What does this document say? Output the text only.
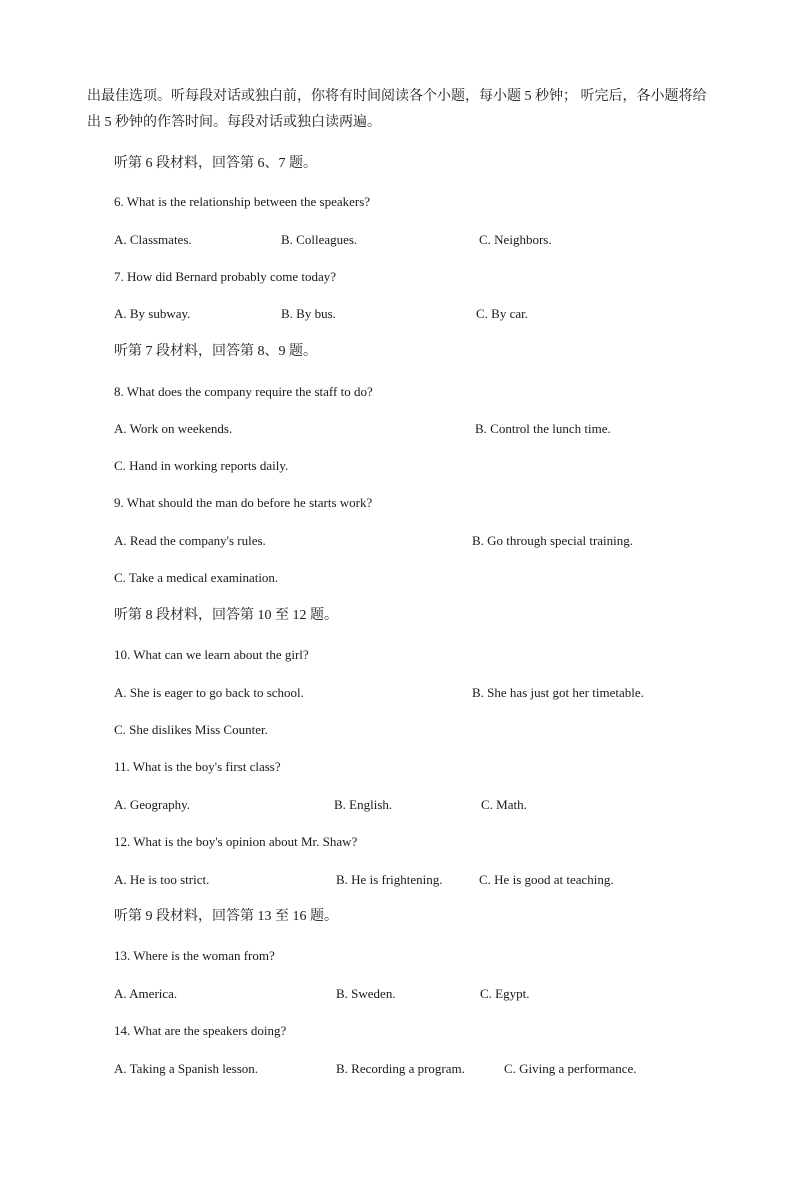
出最佳选项。听每段对话或独白前，你将有时间阅读各个小题，每小题 5 秒钟； 听完后，各小题将给出 5 秒钟的作答时间。每段对话或独白读两遍。

听第 6 段材料，回答第 6、7 题。

6. What is the relationship between the speakers?

A. Classmates.	B. Colleagues.	C. Neighbors.

7. How did Bernard probably come today?

A. By subway.	B. By bus.	C. By car.

听第 7 段材料，回答第 8、9 题。

8. What does the company require the staff to do?

A. Work on weekends.	B. Control the lunch time.

C. Hand in working reports daily.

9. What should the man do before he starts work?

A. Read the company's rules.	B. Go through special training.

C. Take a medical examination.

听第 8 段材料，回答第 10 至 12 题。

10. What can we learn about the girl?

A. She is eager to go back to school.	B. She has just got her timetable.

C. She dislikes Miss Counter.

11. What is the boy's first class?

A. Geography.	B. English.	C. Math.

12. What is the boy's opinion about Mr. Shaw?

A. He is too strict.	B. He is frightening.	C. He is good at teaching.

听第 9 段材料，回答第 13 至 16 题。

13. Where is the woman from?

A. America.	B. Sweden.	C. Egypt.

14. What are the speakers doing?

A. Taking a Spanish lesson.	B. Recording a program.	C. Giving a performance.
